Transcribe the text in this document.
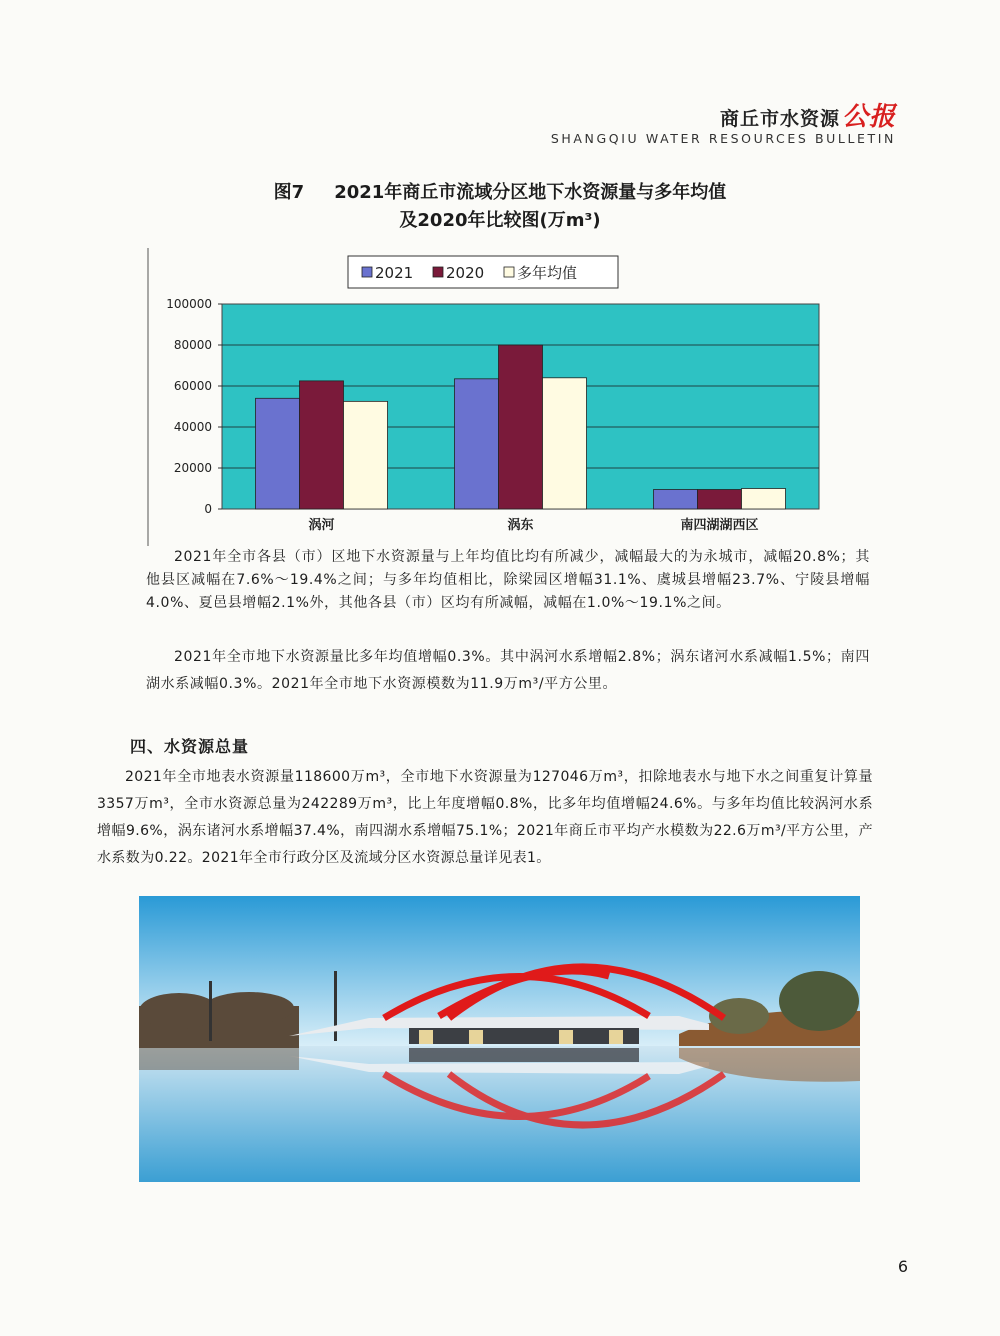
商丘市水资源公报
SHANGQIU WATER RESOURCES BULLETIN
图7 2021年商丘市流域分区地下水资源量与多年均值
及2020年比较图(万m³)
2021 2020 多年均值
100000
80000
60000
40000
20000
0
涡河	涡东	南四湖湖西区
2021年全市各县（市）区地下水资源量与上年均值比均有所减少，减幅最大的为永城市，减幅20.8%；其他县区减幅在7.6%～19.4%之间；与多年均值相比，除梁园区增幅31.1%、虞城县增幅23.7%、宁陵县增幅4.0%、夏邑县增幅2.1%外，其他各县（市）区均有所减幅，减幅在1.0%～19.1%之间。
2021年全市地下水资源量比多年均值增幅0.3%。其中涡河水系增幅2.8%；涡东诸河水系减幅1.5%；南四湖水系减幅0.3%。2021年全市地下水资源模数为11.9万m³/平方公里。
四、水资源总量
2021年全市地表水资源量118600万m³，全市地下水资源量为127046万m³，扣除地表水与地下水之间重复计算量3357万m³，全市水资源总量为242289万m³，比上年度增幅0.8%，比多年均值增幅24.6%。与多年均值比较涡河水系增幅9.6%，涡东诸河水系增幅37.4%，南四湖水系增幅75.1%；2021年商丘市平均产水模数为22.6万m³/平方公里，产水系数为0.22。2021年全市行政分区及流域分区水资源总量详见表1。
6
